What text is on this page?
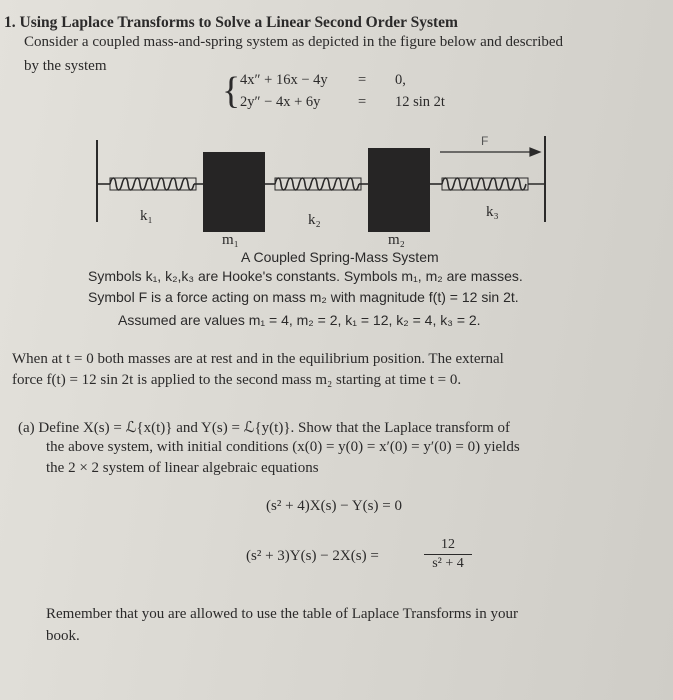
1. Using Laplace Transforms to Solve a Linear Second Order System
Consider a coupled mass-and-spring system as depicted in the figure below and described
by the system
{ 4x″ + 16x − 4y = 0,
2y″ − 4x + 6y	= 12 sin 2t
F
k₁	k₂	k₃
m₁	m₂
A Coupled Spring-Mass System
Symbols k₁, k₂,k₃ are Hooke's constants. Symbols m₁, m₂ are masses.
Symbol F is a force acting on mass m₂ with magnitude f(t) = 12 sin 2t.
Assumed are values m₁ = 4, m₂ = 2, k₁ = 12, k₂ = 4, k₃ = 2.
When at t = 0 both masses are at rest and in the equilibrium position. The external
force f(t) = 12 sin 2t is applied to the second mass m₂ starting at time t = 0.
(a) Define X(s) = ℒ{x(t)} and Y(s) = ℒ{y(t)}. Show that the Laplace transform of
the above system, with initial conditions (x(0) = y(0) = x′(0) = y′(0) = 0) yields
the 2 × 2 system of linear algebraic equations
(s² + 4)X(s) − Y(s) = 0
(s² + 3)Y(s) − 2X(s) =	$\frac{12}{\text{s² + 4}}$
Remember that you are allowed to use the table of Laplace Transforms in your
book.
